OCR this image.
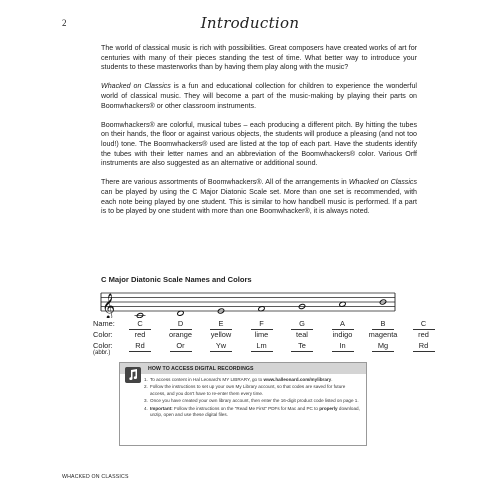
2	Introduction

The world of classical music is rich with possibilities. Great composers have created works of art for centuries with many of their pieces standing the test of time. What better way to introduce your students to these masterworks than by having them play along with the music?

Whacked on Classics is a fun and educational collection for children to experience the wonderful world of classical music. They will become a part of the music-making by playing their parts on Boomwhackers® or other classroom instruments.

Boomwhackers® are colorful, musical tubes – each producing a different pitch. By hitting the tubes on their hands, the floor or against various objects, the students will produce a pleasing (and not too loud!) tone. The Boomwhackers® used are listed at the top of each part. Have the students identify the tubes with their letter names and an abbreviation of the Boomwhackers® color. Various Orff instruments are also suggested as an alternative or additional sound.

There are various assortments of Boomwhackers®. All of the arrangements in Whacked on Classics can be played by using the C Major Diatonic Scale set. More than one set is recommended, with each note being played by one student. This is similar to how handbell music is performed. If a part is to be played by one student with more than one Boomwhacker®, it is always noted.

C Major Diatonic Scale Names and Colors
𝄞
Name:	C	D	E	F	G	A	B	C
Color:	red	orange	yellow	lime	teal	indigo	magenta	red
Color:	Rd	Or	Yw	Lm	Te	In	Mg	Rd
(abbr.)
HOW TO ACCESS DIGITAL RECORDINGS
1. To access content in Hal Leonard's MY LIBRARY, go to www.halleonard.com/mylibrary.
2. Follow the instructions to set up your own My Library account, so that codes are saved for future access, and you don't have to re-enter them every time.
3. Once you have created your own library account, then enter the 16-digit product code listed on page 1.
4. Important: Follow the instructions on the "Read Me First" PDFs for Mac and PC to properly download, unzip, open and use these digital files.
WHACKED ON CLASSICS
